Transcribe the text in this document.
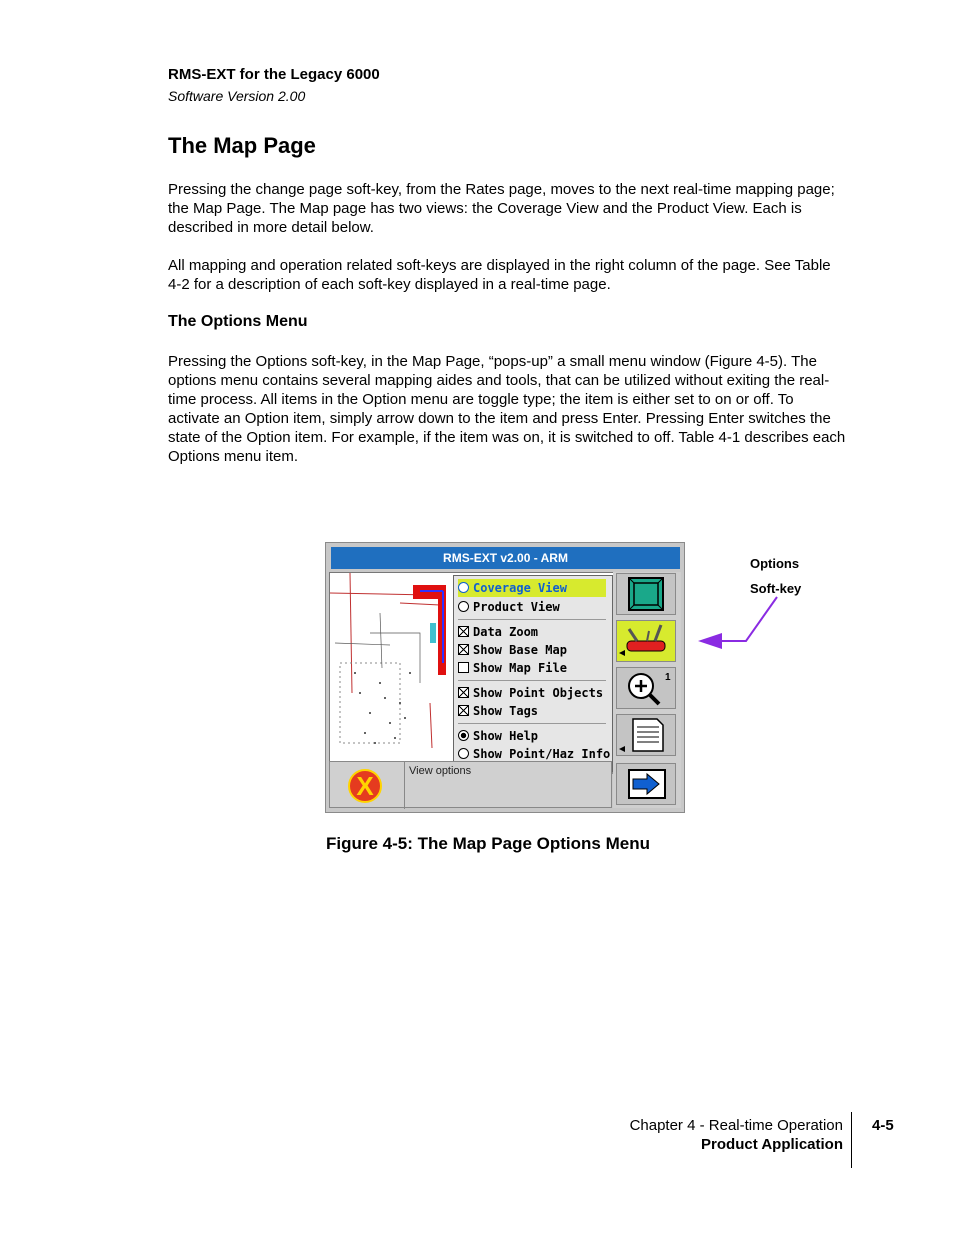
RMS-EXT for the Legacy 6000
Software Version 2.00
The Map Page
Pressing the change page soft-key, from the Rates page, moves to the next real-time mapping page; the Map Page. The Map page has two views: the Coverage View and the Product View. Each is described in more detail below.
All mapping and operation related soft-keys are displayed in the right column of the page. See Table 4-2 for a description of each soft-key displayed in a real-time page.
The Options Menu
Pressing the Options soft-key, in the Map Page, “pops-up” a small menu window (Figure 4-5). The options menu contains several mapping aides and tools, that can be utilized without exiting the real-time process. All items in the Option menu are toggle type; the item is either set to on or off. To activate an Option item, simply arrow down to the item and press Enter. Pressing Enter switches the state of the Option item. For example, if the item was on, it is switched to off. Table 4-1 describes each Options menu item.
RMS-EXT v2.00 - ARM
Coverage View
Product View
Data Zoom
Show Base Map
Show Map File
Show Point Objects
Show Tags
Show Help
Show Point/Haz Info
X	View options
1
Options
Soft-key
Figure 4-5: The Map Page Options Menu
Chapter 4 - Real-time Operation
Product Application
4-5
